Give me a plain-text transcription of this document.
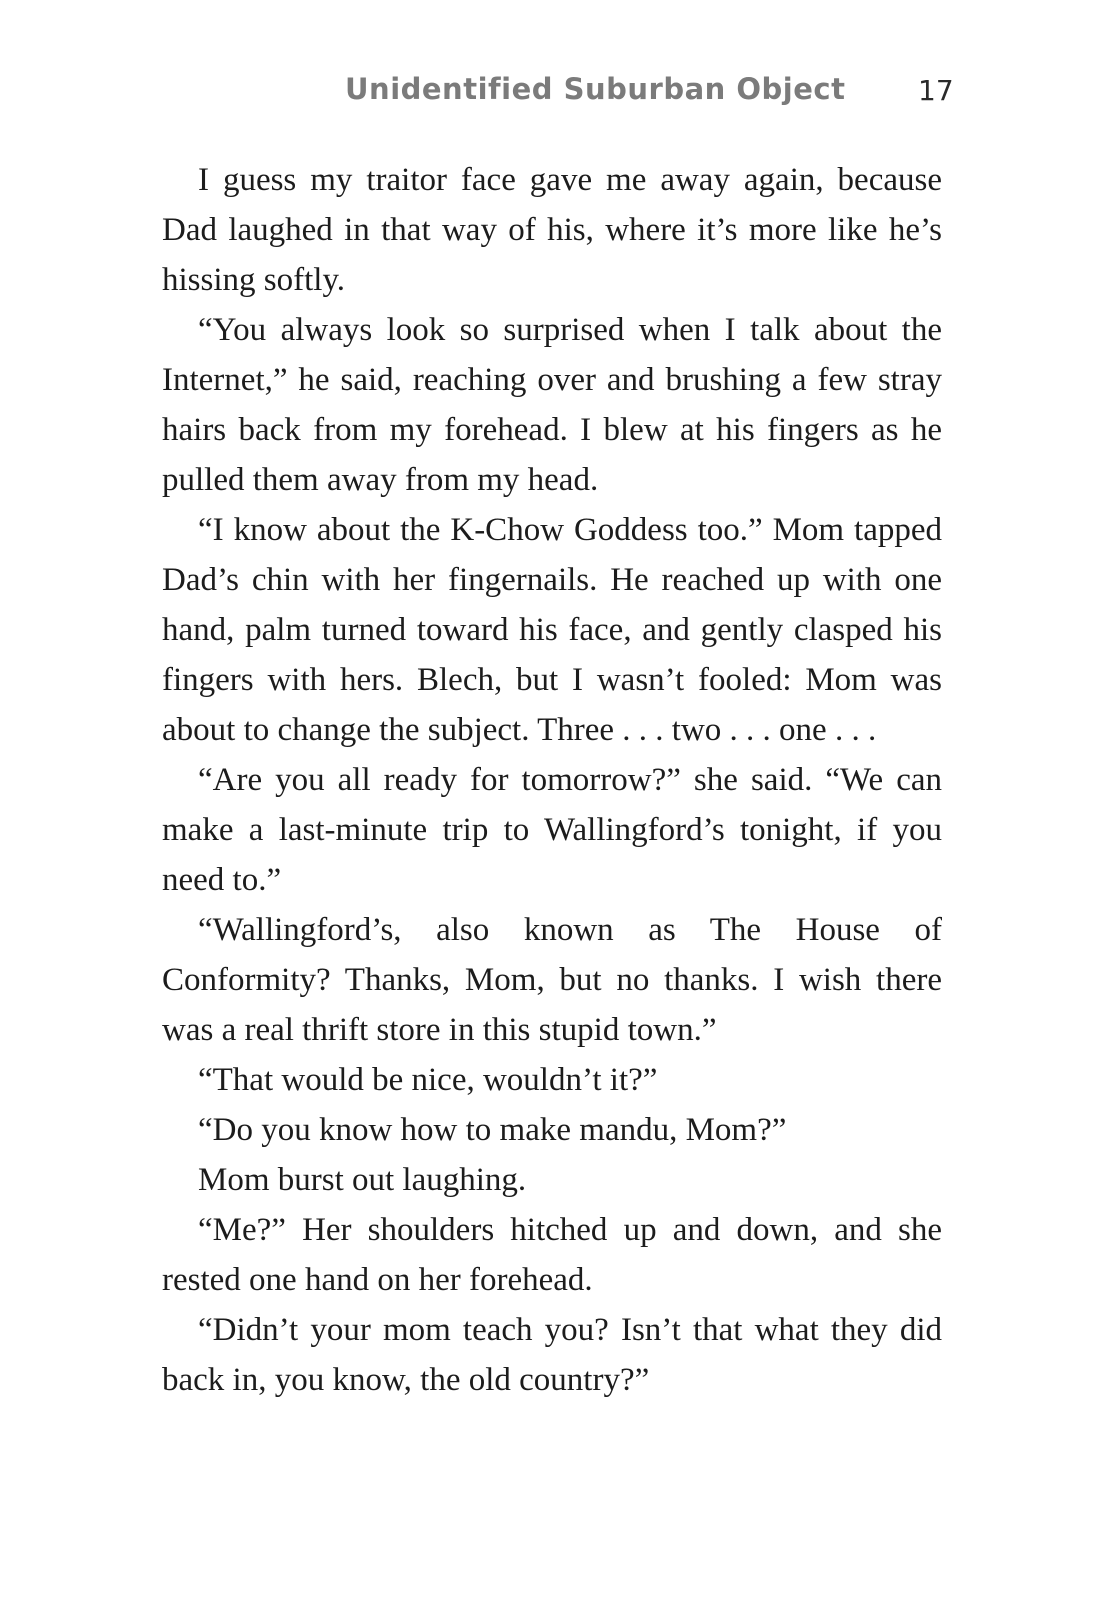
Unidentified Suburban Object	17

I guess my traitor face gave me away again, because Dad laughed in that way of his, where it’s more like he’s hissing softly.

“You always look so surprised when I talk about the Internet,” he said, reaching over and brushing a few stray hairs back from my forehead. I blew at his fingers as he pulled them away from my head.

“I know about the K-Chow Goddess too.” Mom tapped Dad’s chin with her fingernails. He reached up with one hand, palm turned toward his face, and gently clasped his fingers with hers. Blech, but I wasn’t fooled: Mom was about to change the subject. Three . . . two . . . one . . .

“Are you all ready for tomorrow?” she said. “We can make a last-minute trip to Wallingford’s tonight, if you need to.”

“Wallingford’s, also known as The House of Conformity? Thanks, Mom, but no thanks. I wish there was a real thrift store in this stupid town.”

“That would be nice, wouldn’t it?”

“Do you know how to make mandu, Mom?”

Mom burst out laughing.

“Me?” Her shoulders hitched up and down, and she rested one hand on her forehead.

“Didn’t your mom teach you? Isn’t that what they did back in, you know, the old country?”
